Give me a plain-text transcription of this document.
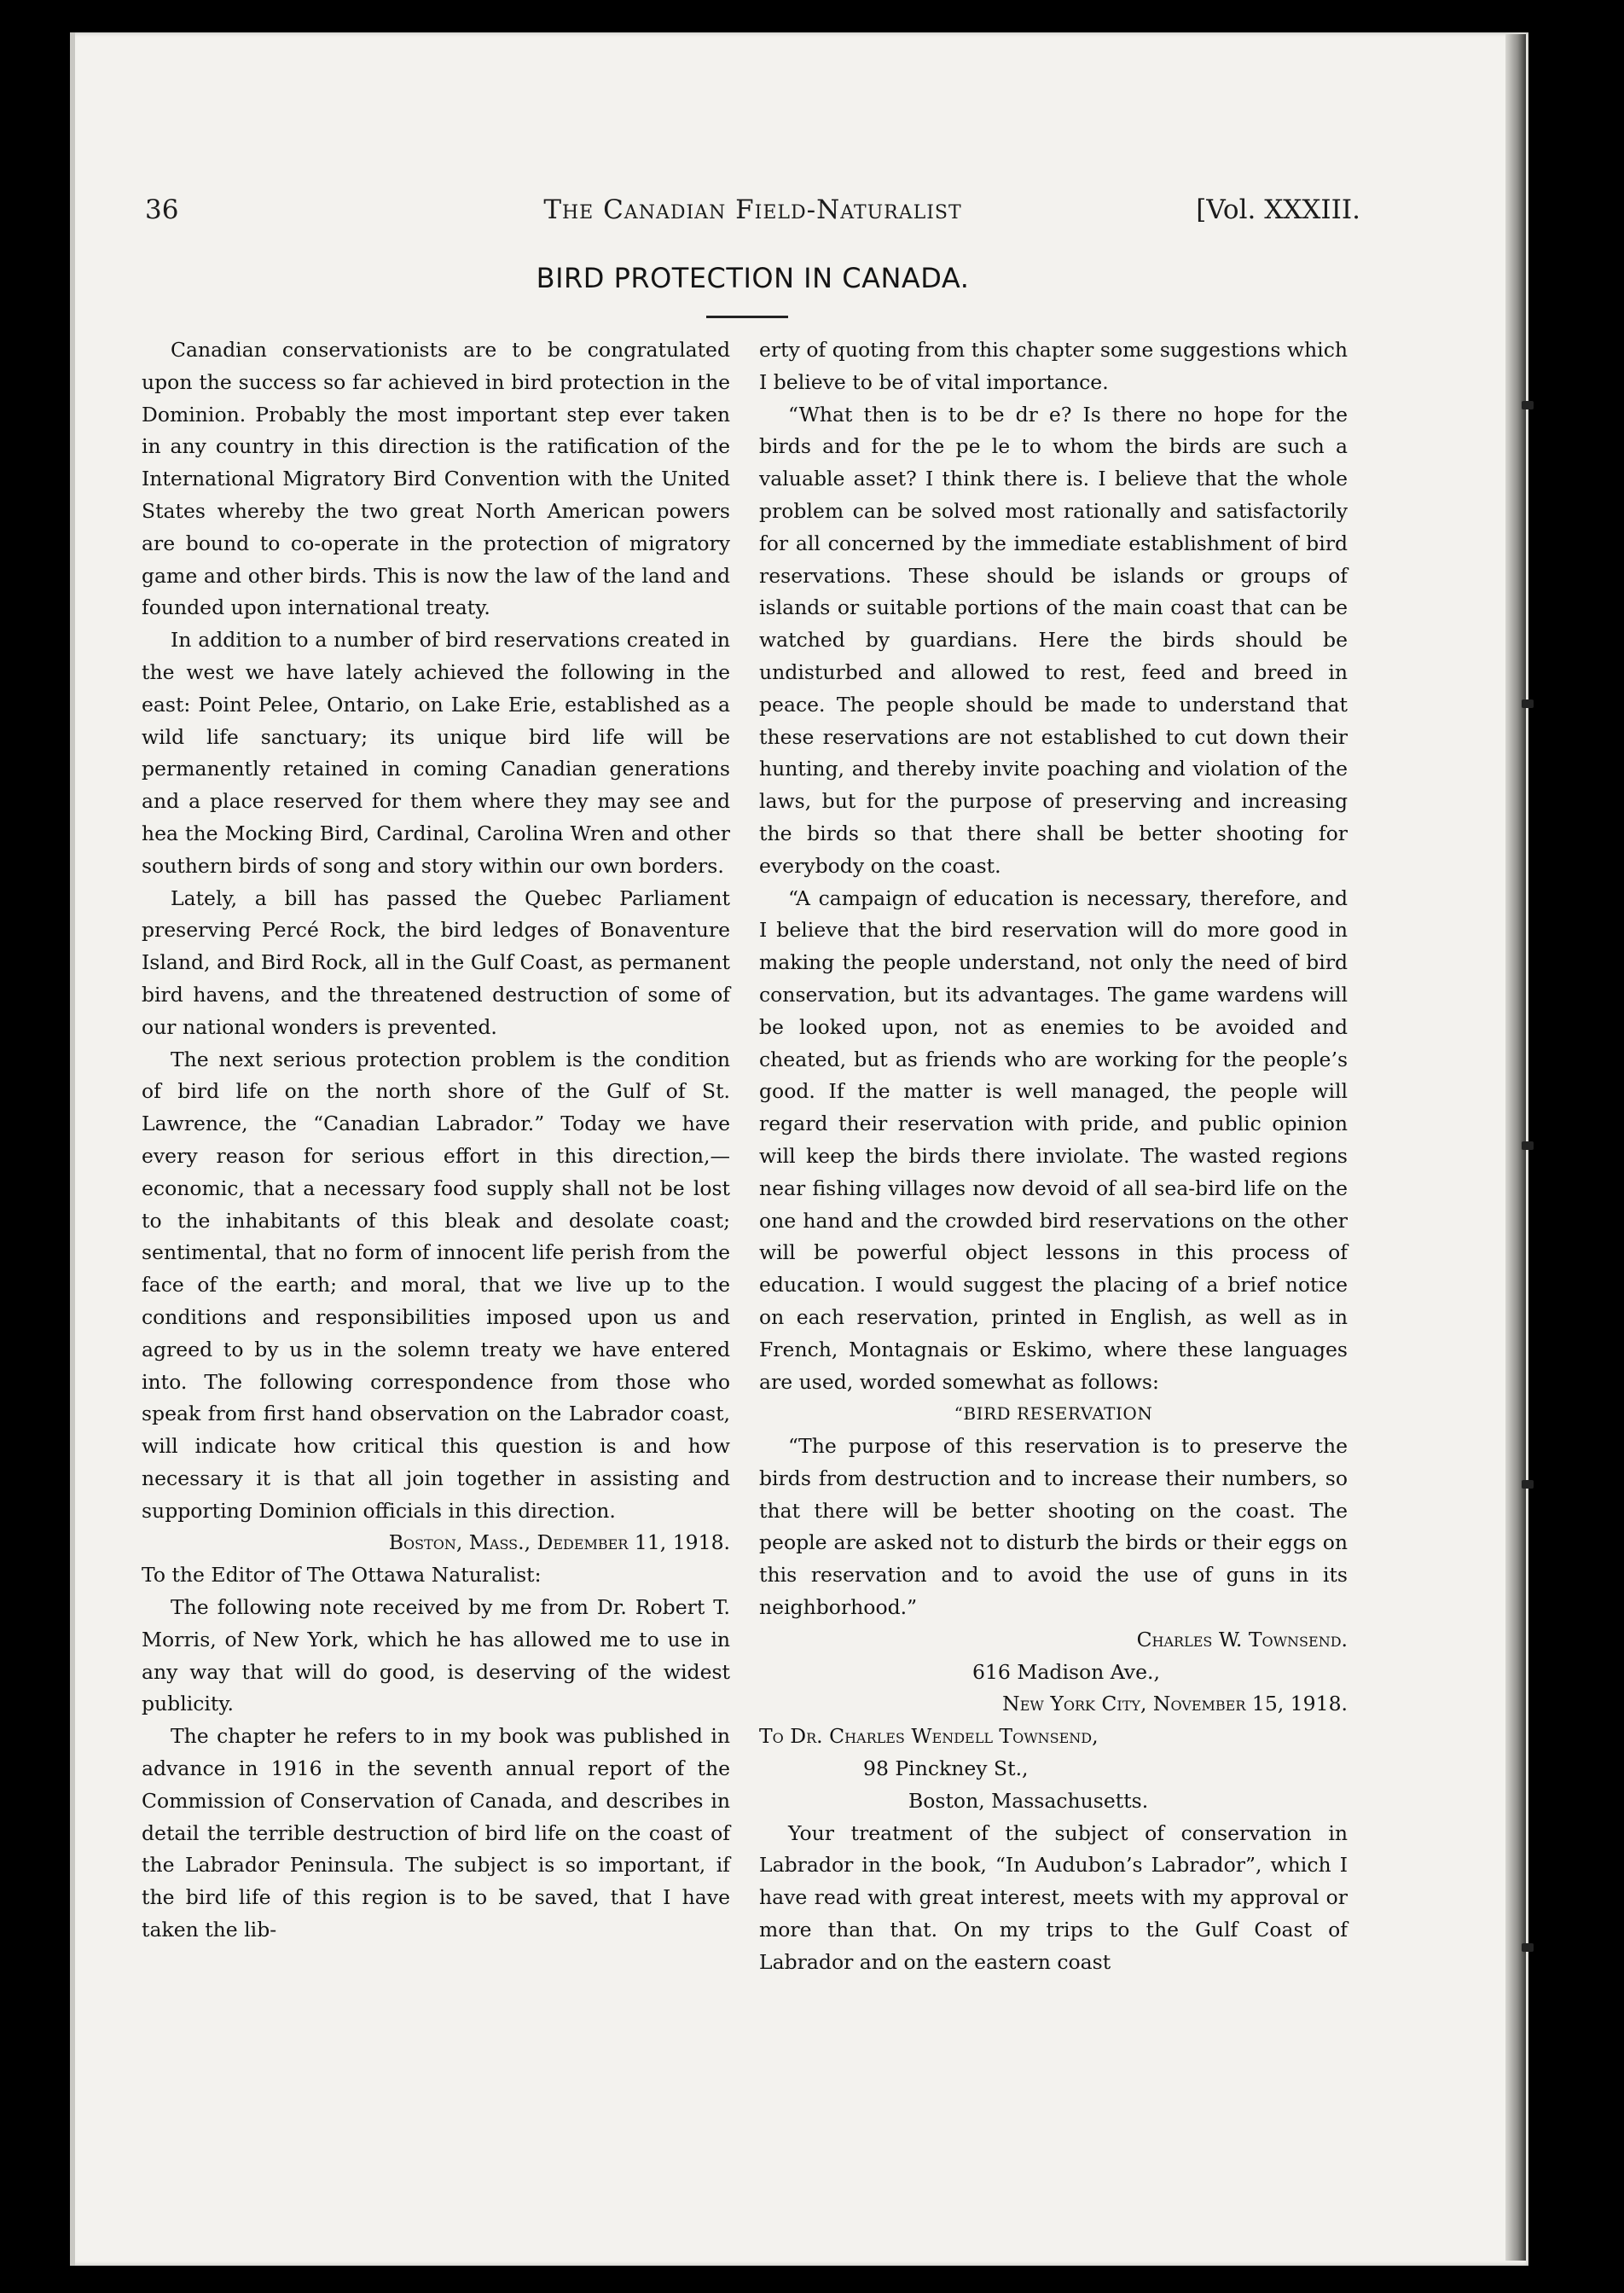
36	The Canadian Field-Naturalist	[Vol. XXXIII.
BIRD PROTECTION IN CANADA.

Canadian conservationists are to be congratulated upon the success so far achieved in bird protection in the Dominion. Probably the most important step ever taken in any country in this direction is the ratification of the International Migratory Bird Convention with the United States whereby the two great North American powers are bound to co-operate in the protection of migratory game and other birds. This is now the law of the land and founded upon international treaty.

In addition to a number of bird reservations created in the west we have lately achieved the following in the east: Point Pelee, Ontario, on Lake Erie, established as a wild life sanctuary; its unique bird life will be permanently retained in coming Canadian generations and a place reserved for them where they may see and hea the Mocking Bird, Cardinal, Carolina Wren and other southern birds of song and story within our own borders.

Lately, a bill has passed the Quebec Parliament preserving Percé Rock, the bird ledges of Bonaventure Island, and Bird Rock, all in the Gulf Coast, as permanent bird havens, and the threatened destruction of some of our national wonders is prevented.

The next serious protection problem is the condition of bird life on the north shore of the Gulf of St. Lawrence, the “Canadian Labrador.” Today we have every reason for serious effort in this direction,—economic, that a necessary food supply shall not be lost to the inhabitants of this bleak and desolate coast; sentimental, that no form of innocent life perish from the face of the earth; and moral, that we live up to the conditions and responsibilities imposed upon us and agreed to by us in the solemn treaty we have entered into. The following correspondence from those who speak from first hand observation on the Labrador coast, will indicate how critical this question is and how necessary it is that all join together in assisting and supporting Dominion officials in this direction.

Boston, Mass., Dedember 11, 1918.

To the Editor of The Ottawa Naturalist:

The following note received by me from Dr. Robert T. Morris, of New York, which he has allowed me to use in any way that will do good, is deserving of the widest publicity.

The chapter he refers to in my book was published in advance in 1916 in the seventh annual report of the Commission of Conservation of Canada, and describes in detail the terrible destruction of bird life on the coast of the Labrador Peninsula. The subject is so important, if the bird life of this region is to be saved, that I have taken the lib-

erty of quoting from this chapter some suggestions which I believe to be of vital importance.

“What then is to be dr e? Is there no hope for the birds and for the pe le to whom the birds are such a valuable asset? I think there is. I believe that the whole problem can be solved most rationally and satisfactorily for all concerned by the immediate establishment of bird reservations. These should be islands or groups of islands or suitable portions of the main coast that can be watched by guardians. Here the birds should be undisturbed and allowed to rest, feed and breed in peace. The people should be made to understand that these reservations are not established to cut down their hunting, and thereby invite poaching and violation of the laws, but for the purpose of preserving and increasing the birds so that there shall be better shooting for everybody on the coast.

“A campaign of education is necessary, therefore, and I believe that the bird reservation will do more good in making the people understand, not only the need of bird conservation, but its advantages. The game wardens will be looked upon, not as enemies to be avoided and cheated, but as friends who are working for the people’s good. If the matter is well managed, the people will regard their reservation with pride, and public opinion will keep the birds there inviolate. The wasted regions near fishing villages now devoid of all sea-bird life on the one hand and the crowded bird reservations on the other will be powerful object lessons in this process of education. I would suggest the placing of a brief notice on each reservation, printed in English, as well as in French, Montagnais or Eskimo, where these languages are used, worded somewhat as follows:

“BIRD RESERVATION

“The purpose of this reservation is to preserve the birds from destruction and to increase their numbers, so that there will be better shooting on the coast. The people are asked not to disturb the birds or their eggs on this reservation and to avoid the use of guns in its neighborhood.”

Charles W. Townsend.

616 Madison Ave.,

New York City, November 15, 1918.

To Dr. Charles Wendell Townsend,

98 Pinckney St.,

Boston, Massachusetts.

Your treatment of the subject of conservation in Labrador in the book, “In Audubon’s Labrador”, which I have read with great interest, meets with my approval or more than that. On my trips to the Gulf Coast of Labrador and on the eastern coast
